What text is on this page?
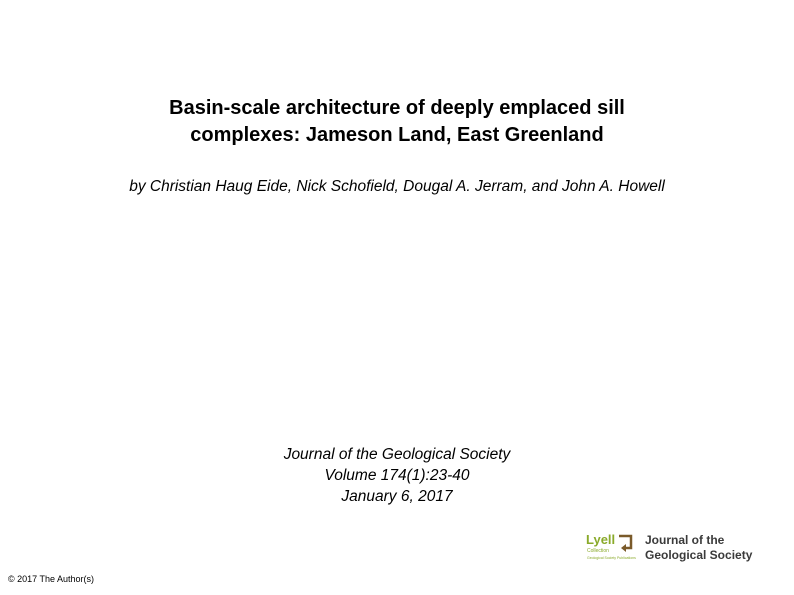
Basin-scale architecture of deeply emplaced sill
complexes: Jameson Land, East Greenland
by Christian Haug Eide, Nick Schofield, Dougal A. Jerram, and John A. Howell
Journal of the Geological Society
Volume 174(1):23-40
January 6, 2017
Lyell
Collection
Geological Society Publications
Journal of the
Geological Society
© 2017 The Author(s)
